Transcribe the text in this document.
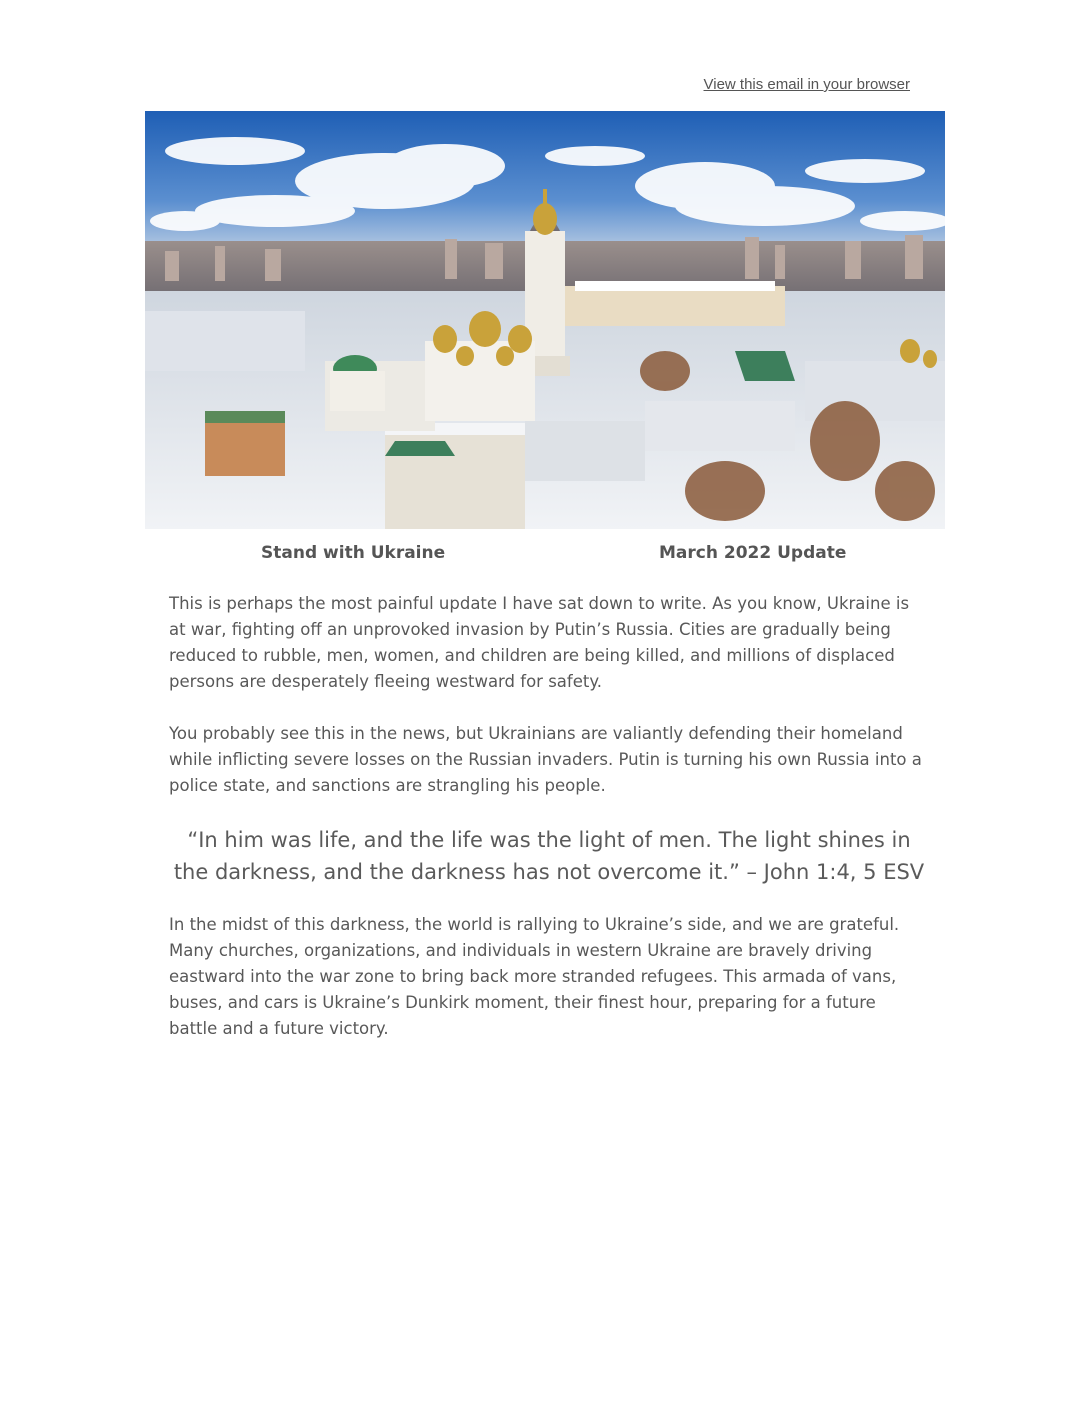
View this email in your browser
Stand with Ukraine	March 2022 Update

This is perhaps the most painful update I have sat down to write. As you know, Ukraine is at war, fighting off an unprovoked invasion by Putin’s Russia. Cities are gradually being reduced to rubble, men, women, and children are being killed, and millions of displaced persons are desperately fleeing westward for safety.

You probably see this in the news, but Ukrainians are valiantly defending their homeland while inflicting severe losses on the Russian invaders. Putin is turning his own Russia into a police state, and sanctions are strangling his people.

“In him was life, and the life was the light of men. The light shines in the darkness, and the darkness has not overcome it.” – John 1:4, 5 ESV

In the midst of this darkness, the world is rallying to Ukraine’s side, and we are grateful. Many churches, organizations, and individuals in western Ukraine are bravely driving eastward into the war zone to bring back more stranded refugees. This armada of vans, buses, and cars is Ukraine’s Dunkirk moment, their finest hour, preparing for a future battle and a future victory.
